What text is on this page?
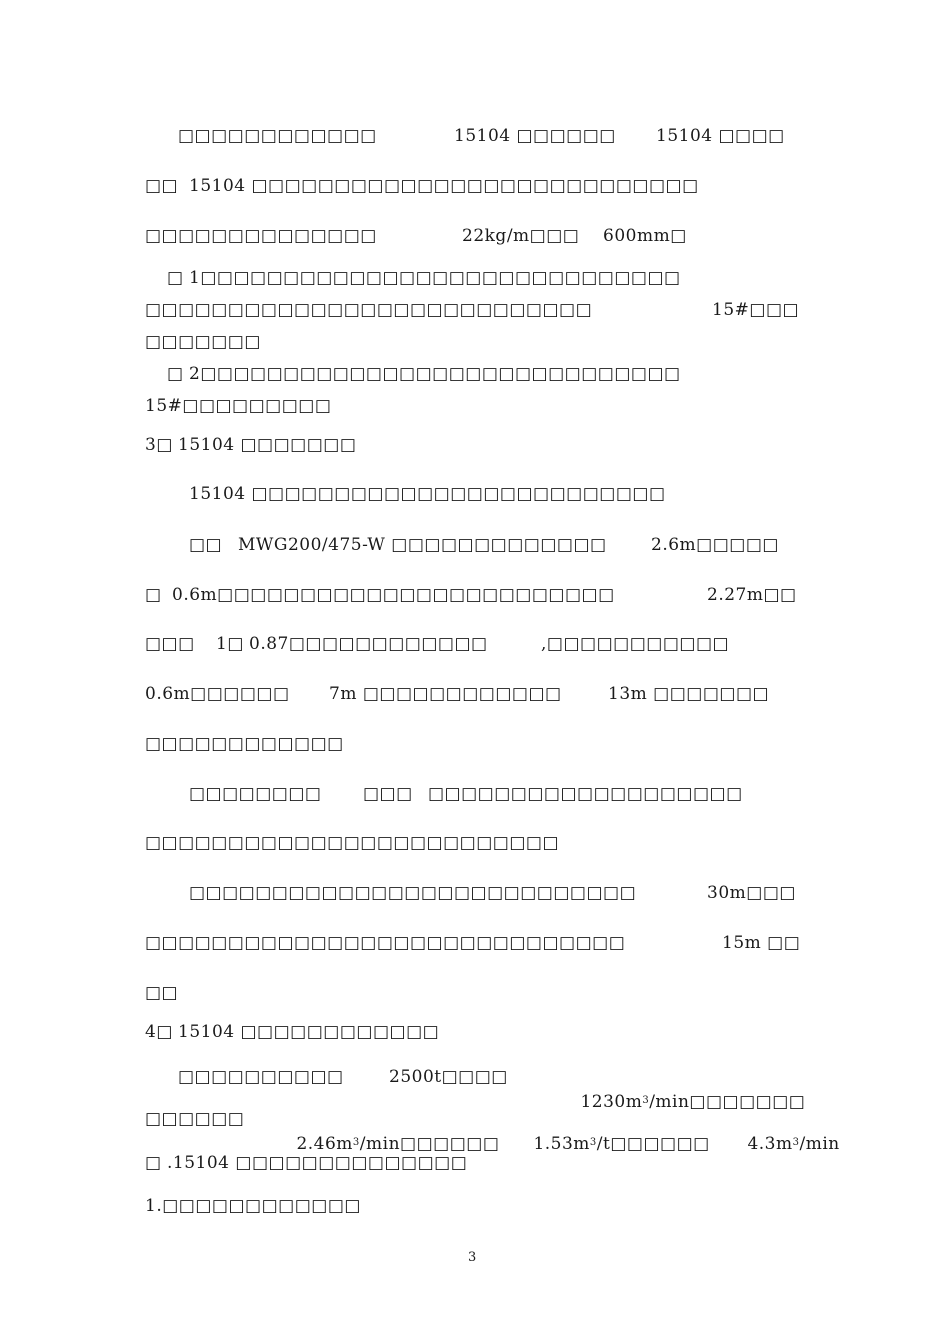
□□□□□□□□□□□□	15104 □□□□□□ 15104 □□□□
□□ 15104 □□□□□□□□□□□□□□□□□□□□□□□□□□□
□□□□□□□□□□□□□□	22kg/m□□□ 600mm□
□ 1□□□□□□□□□□□□□□□□□□□□□□□□□□□□□
□□□□□□□□□□□□□□□□□□□□□□□□□□□	15#□□□
□□□□□□□
□ 2□□□□□□□□□□□□□□□□□□□□□□□□□□□□□
15#□□□□□□□□□
3□ 15104 □□□□□□□
15104 □□□□□□□□□□□□□□□□□□□□□□□□□
□□ MWG200/475-W □□□□□□□□□□□□□	2.6m□□□□□
□ 0.6m□□□□□□□□□□□□□□□□□□□□□□□□	2.27m□□
□□□ 1□ 0.87□□□□□□□□□□□□	,□□□□□□□□□□□
0.6m□□□□□□ 7m □□□□□□□□□□□□	13m □□□□□□□
□□□□□□□□□□□□
□□□□□□□□ □□□ □□□□□□□□□□□□□□□□□□□
□□□□□□□□□□□□□□□□□□□□□□□□□
□□□□□□□□□□□□□□□□□□□□□□□□□□□	30m□□□
□□□□□□□□□□□□□□□□□□□□□□□□□□□□□	15m □□
□□
4□ 15104 □□□□□□□□□□□□
□□□□□□□□□□	2500t□□□□

$1230m^3/\min□□□□□□□$

□□□□□□

$2.46m^3/\min□□□□□□$
	$1.53m^3/t□□□□□□$
	$4.3m^3/\min$

□ .15104 □□□□□□□□□□□□□□
1.□□□□□□□□□□□□
3
